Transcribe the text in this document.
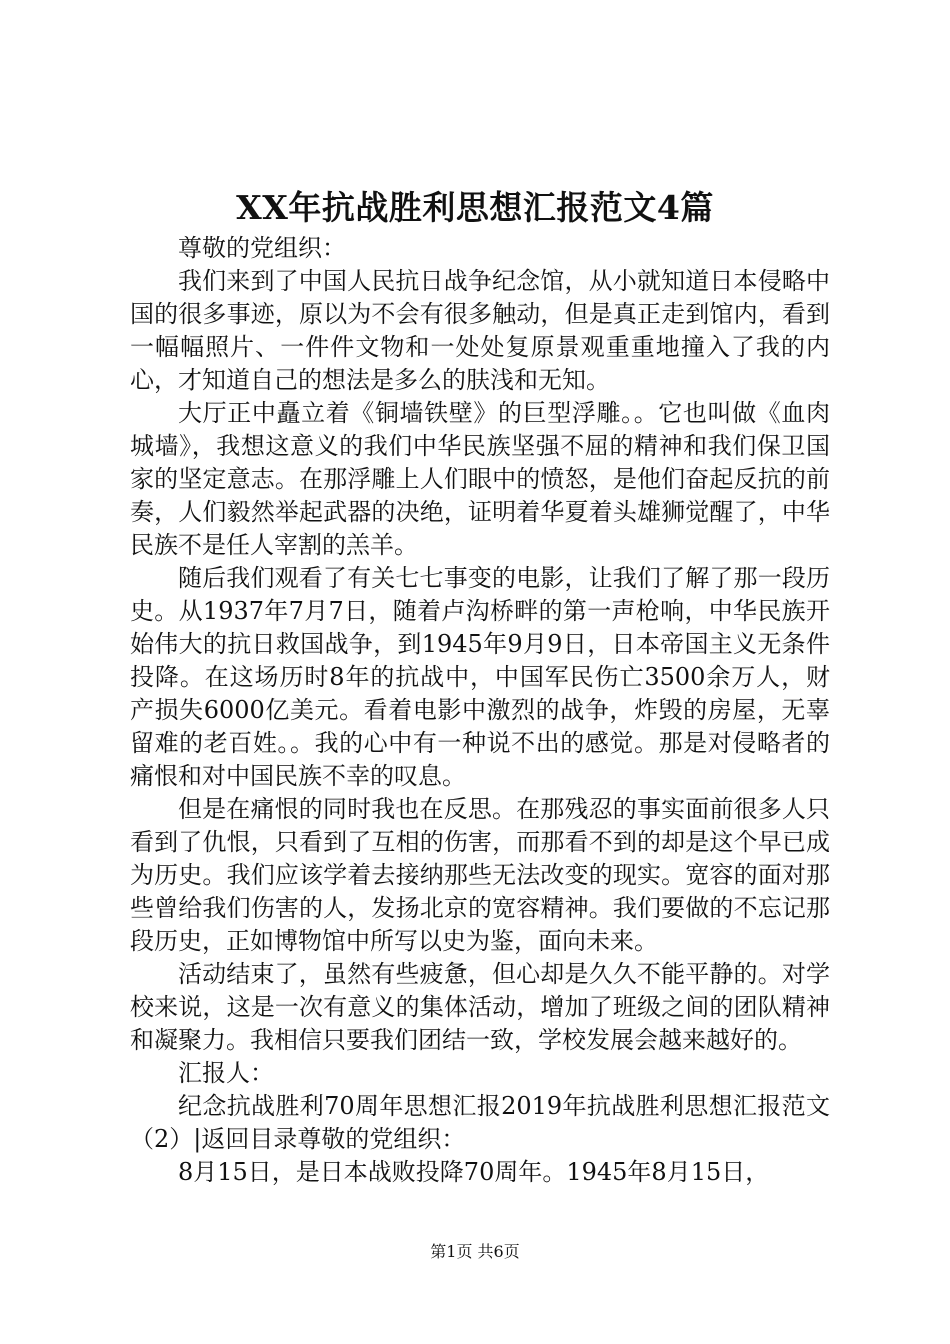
XX年抗战胜利思想汇报范文4篇

尊敬的党组织：

我们来到了中国人民抗日战争纪念馆，从小就知道日本侵略中国的很多事迹，原以为不会有很多触动，但是真正走到馆内，看到一幅幅照片、一件件文物和一处处复原景观重重地撞入了我的内心，才知道自己的想法是多么的肤浅和无知。

大厅正中矗立着《铜墙铁壁》的巨型浮雕。。它也叫做《血肉城墙》，我想这意义的我们中华民族坚强不屈的精神和我们保卫国家的坚定意志。在那浮雕上人们眼中的愤怒，是他们奋起反抗的前奏，人们毅然举起武器的决绝，证明着华夏着头雄狮觉醒了，中华民族不是任人宰割的羔羊。

随后我们观看了有关七七事变的电影，让我们了解了那一段历史。从1937年7月7日，随着卢沟桥畔的第一声枪响，中华民族开始伟大的抗日救国战争，到1945年9月9日，日本帝国主义无条件投降。在这场历时8年的抗战中，中国军民伤亡3500余万人，财产损失6000亿美元。看着电影中激烈的战争，炸毁的房屋，无辜留难的老百姓。。我的心中有一种说不出的感觉。那是对侵略者的痛恨和对中国民族不幸的叹息。

但是在痛恨的同时我也在反思。在那残忍的事实面前很多人只看到了仇恨，只看到了互相的伤害，而那看不到的却是这个早已成为历史。我们应该学着去接纳那些无法改变的现实。宽容的面对那些曾给我们伤害的人，发扬北京的宽容精神。我们要做的不忘记那段历史，正如博物馆中所写以史为鉴，面向未来。

活动结束了，虽然有些疲惫，但心却是久久不能平静的。对学校来说，这是一次有意义的集体活动，增加了班级之间的团队精神和凝聚力。我相信只要我们团结一致，学校发展会越来越好的。

汇报人：

纪念抗战胜利70周年思想汇报2019年抗战胜利思想汇报范文（2）|返回目录尊敬的党组织：

8月15日，是日本战败投降70周年。1945年8月15日，

第1页 共6页
